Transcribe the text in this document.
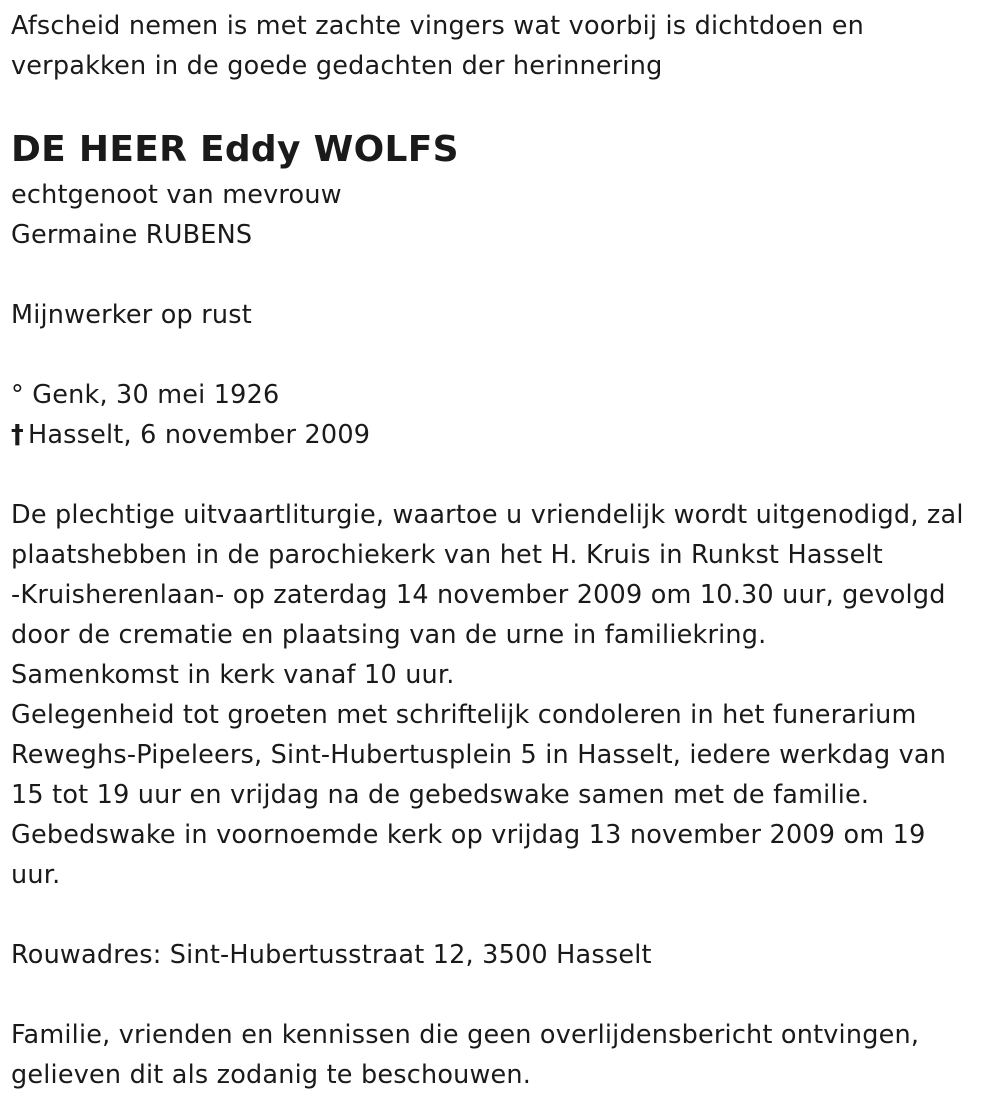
Afscheid nemen is met zachte vingers wat voorbij is dichtdoen en
verpakken in de goede gedachten der herinnering
DE HEER Eddy WOLFS
echtgenoot van mevrouw
Germaine RUBENS
Mijnwerker op rust
° Genk, 30 mei 1926
† Hasselt, 6 november 2009
De plechtige uitvaartliturgie, waartoe u vriendelijk wordt uitgenodigd, zal
plaatshebben in de parochiekerk van het H. Kruis in Runkst Hasselt
-Kruisherenlaan- op zaterdag 14 november 2009 om 10.30 uur, gevolgd
door de crematie en plaatsing van de urne in familiekring.
Samenkomst in kerk vanaf 10 uur.
Gelegenheid tot groeten met schriftelijk condoleren in het funerarium
Reweghs-Pipeleers, Sint-Hubertusplein 5 in Hasselt, iedere werkdag van
15 tot 19 uur en vrijdag na de gebedswake samen met de familie.
Gebedswake in voornoemde kerk op vrijdag 13 november 2009 om 19
uur.
Rouwadres: Sint-Hubertusstraat 12, 3500 Hasselt
Familie, vrienden en kennissen die geen overlijdensbericht ontvingen,
gelieven dit als zodanig te beschouwen.
